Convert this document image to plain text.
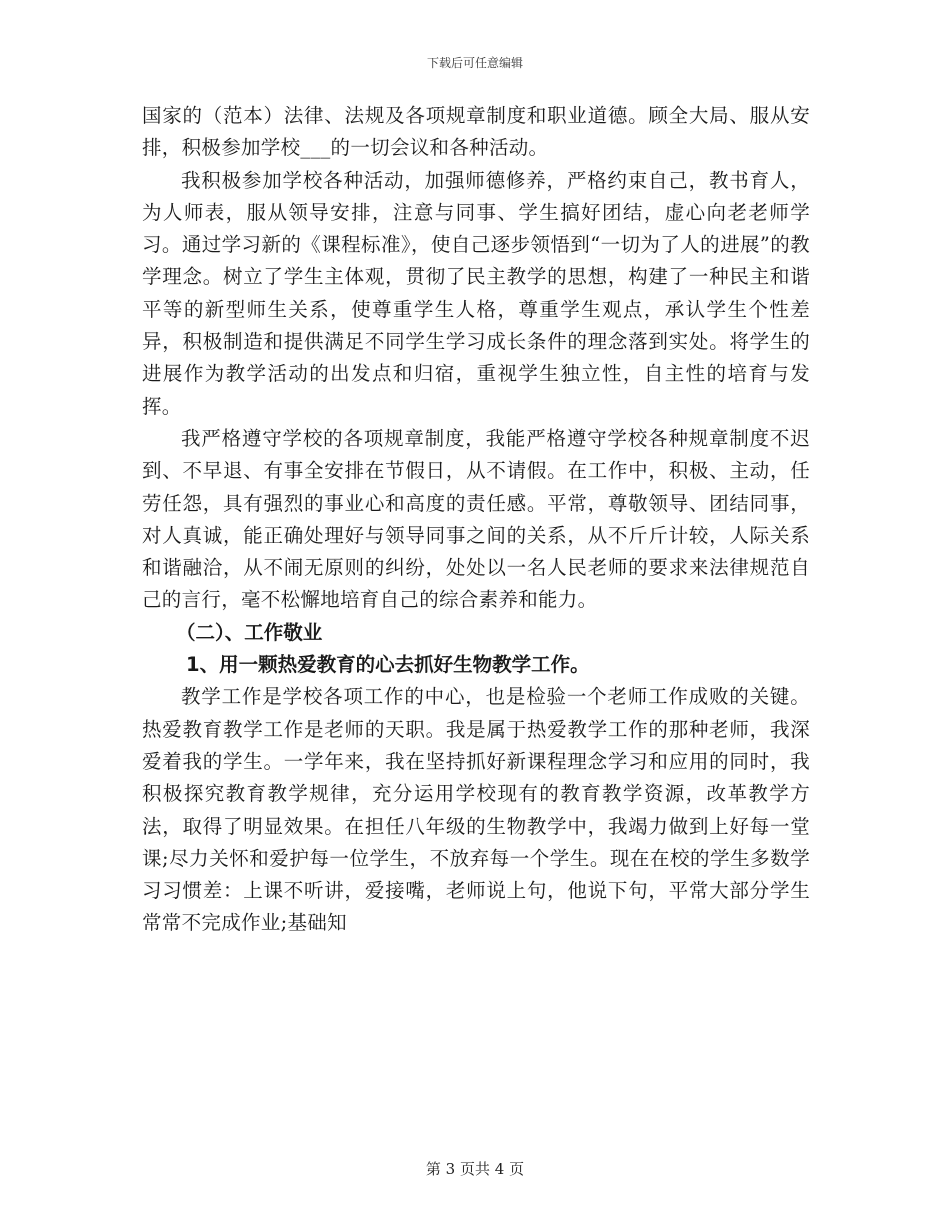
下载后可任意编辑

国家的（范本）法律、法规及各项规章制度和职业道德。顾全大局、服从安排，积极参加学校___的一切会议和各种活动。

我积极参加学校各种活动，加强师德修养，严格约束自己，教书育人，为人师表，服从领导安排，注意与同事、学生搞好团结，虚心向老老师学习。通过学习新的《课程标准》，使自己逐步领悟到“一切为了人的进展”的教学理念。树立了学生主体观，贯彻了民主教学的思想，构建了一种民主和谐平等的新型师生关系，使尊重学生人格，尊重学生观点，承认学生个性差异，积极制造和提供满足不同学生学习成长条件的理念落到实处。将学生的进展作为教学活动的出发点和归宿，重视学生独立性，自主性的培育与发挥。

我严格遵守学校的各项规章制度，我能严格遵守学校各种规章制度不迟到、不早退、有事全安排在节假日，从不请假。在工作中，积极、主动，任劳任怨，具有强烈的事业心和高度的责任感。平常，尊敬领导、团结同事，对人真诚，能正确处理好与领导同事之间的关系，从不斤斤计较，人际关系和谐融洽，从不闹无原则的纠纷，处处以一名人民老师的要求来法律规范自己的言行，毫不松懈地培育自己的综合素养和能力。

（二）、工作敬业

1、用一颗热爱教育的心去抓好生物教学工作。

教学工作是学校各项工作的中心，也是检验一个老师工作成败的关键。热爱教育教学工作是老师的天职。我是属于热爱教学工作的那种老师，我深爱着我的学生。一学年来，我在坚持抓好新课程理念学习和应用的同时，我积极探究教育教学规律，充分运用学校现有的教育教学资源，改革教学方法，取得了明显效果。在担任八年级的生物教学中，我竭力做到上好每一堂课;尽力关怀和爱护每一位学生，不放弃每一个学生。现在在校的学生多数学习习惯差：上课不听讲，爱接嘴，老师说上句，他说下句，平常大部分学生常常不完成作业;基础知

第 3 页共 4 页
